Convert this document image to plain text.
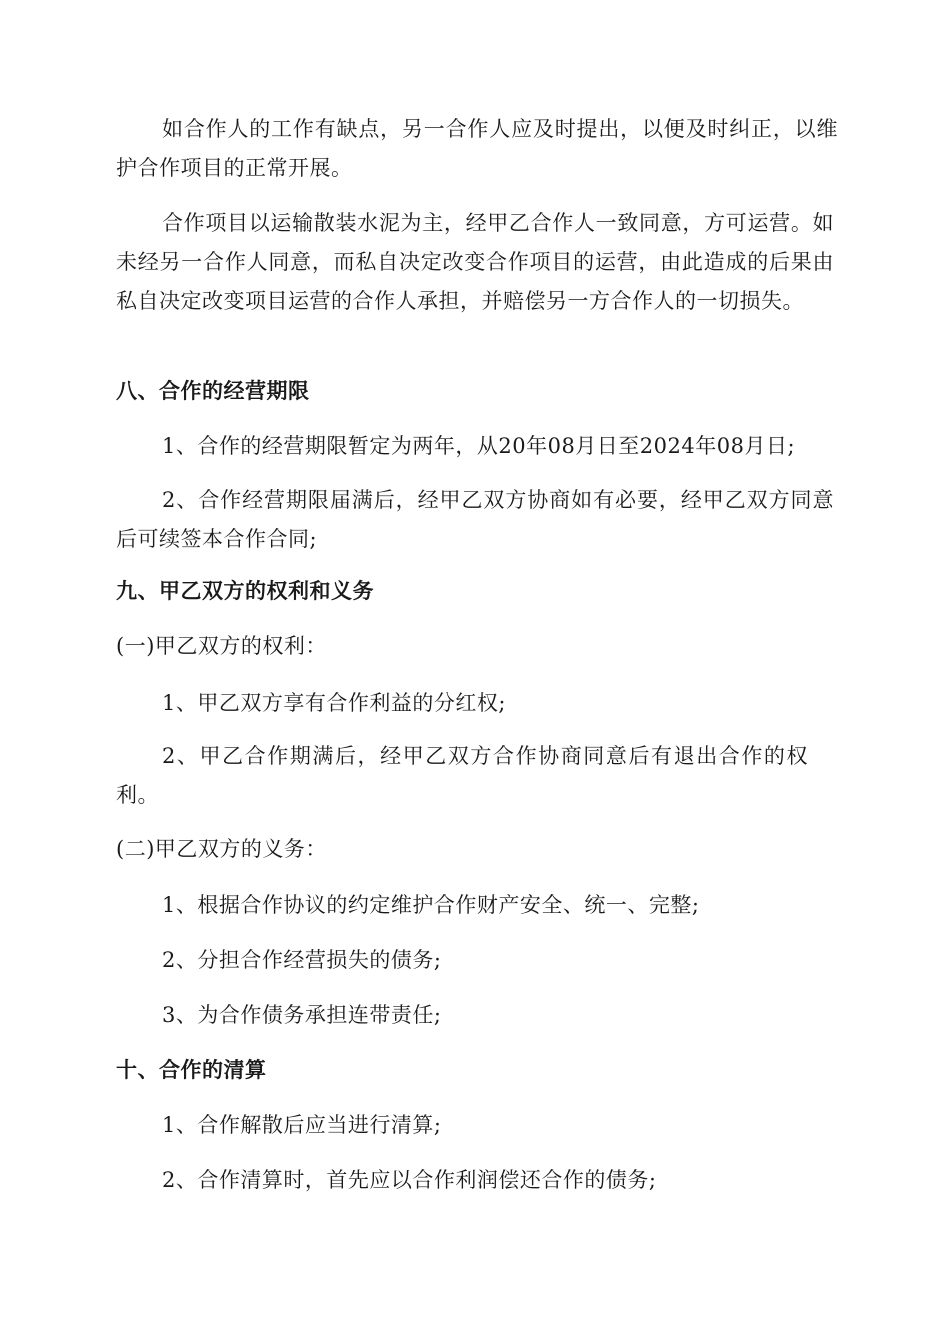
如合作人的工作有缺点，另一合作人应及时提出，以便及时纠正，以维护合作项目的正常开展。

合作项目以运输散装水泥为主，经甲乙合作人一致同意，方可运营。如未经另一合作人同意，而私自决定改变合作项目的运营，由此造成的后果由私自决定改变项目运营的合作人承担，并赔偿另一方合作人的一切损失。

八、合作的经营期限

1、合作的经营期限暂定为两年，从20年08月日至2024年08月日;

2、合作经营期限届满后，经甲乙双方协商如有必要，经甲乙双方同意后可续签本合作合同;

九、甲乙双方的权利和义务

(一)甲乙双方的权利：

1、甲乙双方享有合作利益的分红权;

2、甲乙合作期满后，经甲乙双方合作协商同意后有退出合作的权利。

(二)甲乙双方的义务：

1、根据合作协议的约定维护合作财产安全、统一、完整;

2、分担合作经营损失的债务;

3、为合作债务承担连带责任;

十、合作的清算

1、合作解散后应当进行清算;

2、合作清算时，首先应以合作利润偿还合作的债务;
